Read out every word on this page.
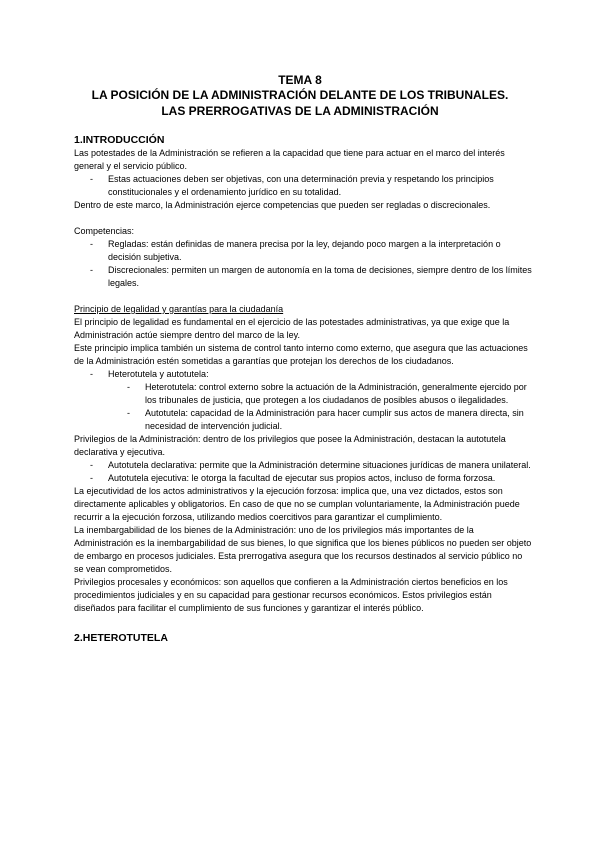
TEMA 8
LA POSICIÓN DE LA ADMINISTRACIÓN DELANTE DE LOS TRIBUNALES.
LAS PRERROGATIVAS DE LA ADMINISTRACIÓN
1.INTRODUCCIÓN

Las potestades de la Administración se refieren a la capacidad que tiene para actuar en el marco del interés general y el servicio público.

-	Estas actuaciones deben ser objetivas, con una determinación previa y respetando los principios constitucionales y el ordenamiento jurídico en su totalidad.

Dentro de este marco, la Administración ejerce competencias que pueden ser regladas o discrecionales.

Competencias:

-	Regladas: están definidas de manera precisa por la ley, dejando poco margen a la interpretación o decisión subjetiva.
-	Discrecionales: permiten un margen de autonomía en la toma de decisiones, siempre dentro de los límites legales.

Principio de legalidad y garantías para la ciudadanía

El principio de legalidad es fundamental en el ejercicio de las potestades administrativas, ya que exige que la Administración actúe siempre dentro del marco de la ley.

Este principio implica también un sistema de control tanto interno como externo, que asegura que las actuaciones de la Administración estén sometidas a garantías que protejan los derechos de los ciudadanos.

-	Heterotutela y autotutela:
-	Heterotutela: control externo sobre la actuación de la Administración, generalmente ejercido por los tribunales de justicia, que protegen a los ciudadanos de posibles abusos o ilegalidades.
-	Autotutela: capacidad de la Administración para hacer cumplir sus actos de manera directa, sin necesidad de intervención judicial.

Privilegios de la Administración: dentro de los privilegios que posee la Administración, destacan la autotutela declarativa y ejecutiva.

-	Autotutela declarativa: permite que la Administración determine situaciones jurídicas de manera unilateral.
-	Autotutela ejecutiva: le otorga la facultad de ejecutar sus propios actos, incluso de forma forzosa.

La ejecutividad de los actos administrativos y la ejecución forzosa: implica que, una vez dictados, estos son directamente aplicables y obligatorios. En caso de que no se cumplan voluntariamente, la Administración puede recurrir a la ejecución forzosa, utilizando medios coercitivos para garantizar el cumplimiento.

La inembargabilidad de los bienes de la Administración: uno de los privilegios más importantes de la Administración es la inembargabilidad de sus bienes, lo que significa que los bienes públicos no pueden ser objeto de embargo en procesos judiciales. Esta prerrogativa asegura que los recursos destinados al servicio público no se vean comprometidos.

Privilegios procesales y económicos: son aquellos que confieren a la Administración ciertos beneficios en los procedimientos judiciales y en su capacidad para gestionar recursos económicos. Estos privilegios están diseñados para facilitar el cumplimiento de sus funciones y garantizar el interés público.

2.HETEROTUTELA
